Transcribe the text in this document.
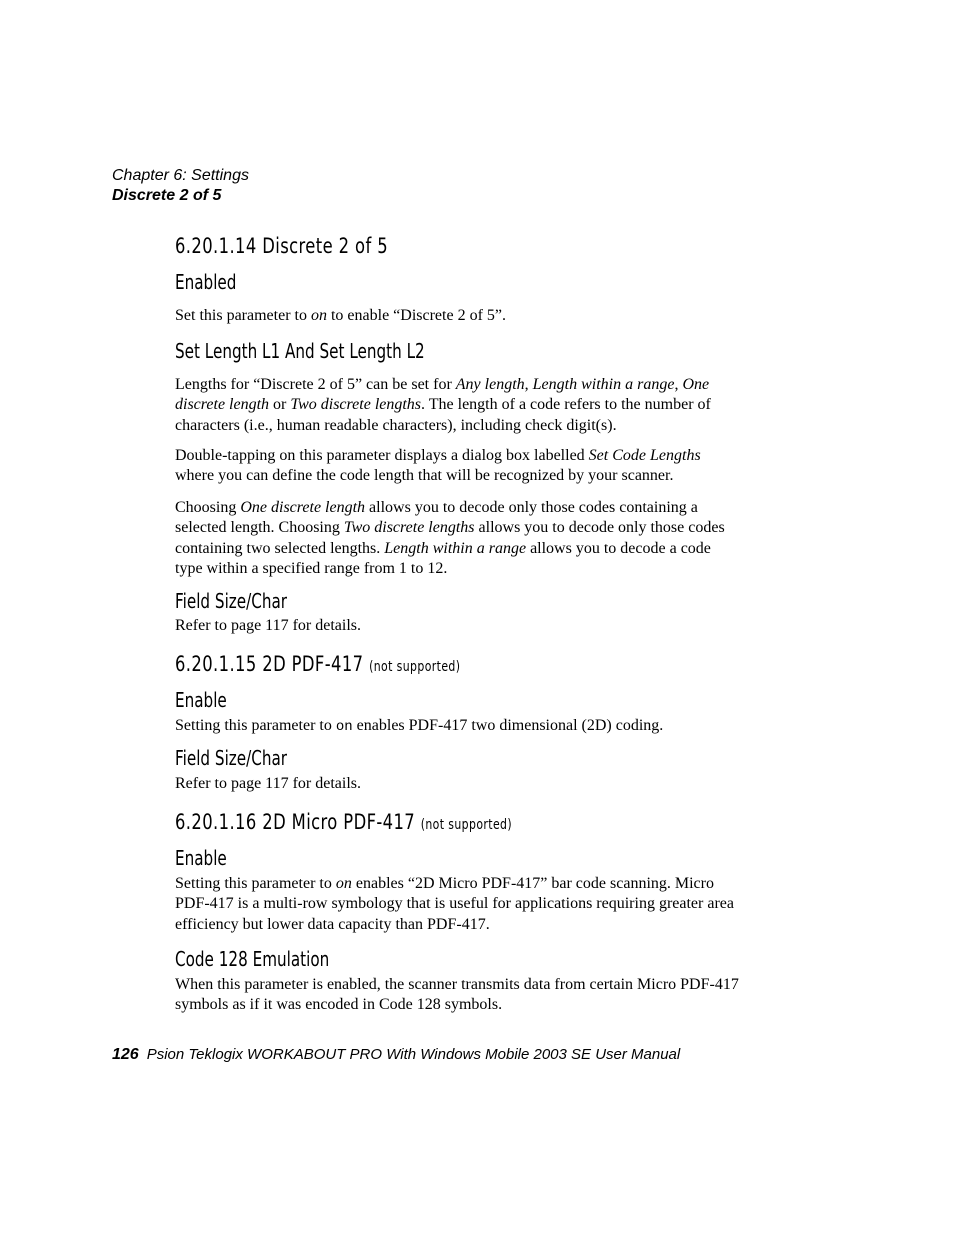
Chapter 6: Settings
Discrete 2 of 5
6.20.1.14 Discrete 2 of 5
Enabled
Set this parameter to on to enable “Discrete 2 of 5”.
Set Length L1 And Set Length L2
Lengths for “Discrete 2 of 5” can be set for Any length, Length within a range, One discrete length or Two discrete lengths. The length of a code refers to the number of characters (i.e., human readable characters), including check digit(s).
Double-tapping on this parameter displays a dialog box labelled Set Code Lengths where you can define the code length that will be recognized by your scanner.
Choosing One discrete length allows you to decode only those codes containing a selected length. Choosing Two discrete lengths allows you to decode only those codes containing two selected lengths. Length within a range allows you to decode a code type within a specified range from 1 to 12.
Field Size/Char
Refer to page 117 for details.
6.20.1.15 2D PDF-417 (not supported)
Enable
Setting this parameter to on enables PDF-417 two dimensional (2D) coding.
Field Size/Char
Refer to page 117 for details.
6.20.1.16 2D Micro PDF-417 (not supported)
Enable
Setting this parameter to on enables “2D Micro PDF-417” bar code scanning. Micro PDF-417 is a multi-row symbology that is useful for applications requiring greater area efficiency but lower data capacity than PDF-417.
Code 128 Emulation
When this parameter is enabled, the scanner transmits data from certain Micro PDF-417 symbols as if it was encoded in Code 128 symbols.
126 Psion Teklogix WORKABOUT PRO With Windows Mobile 2003 SE User Manual
